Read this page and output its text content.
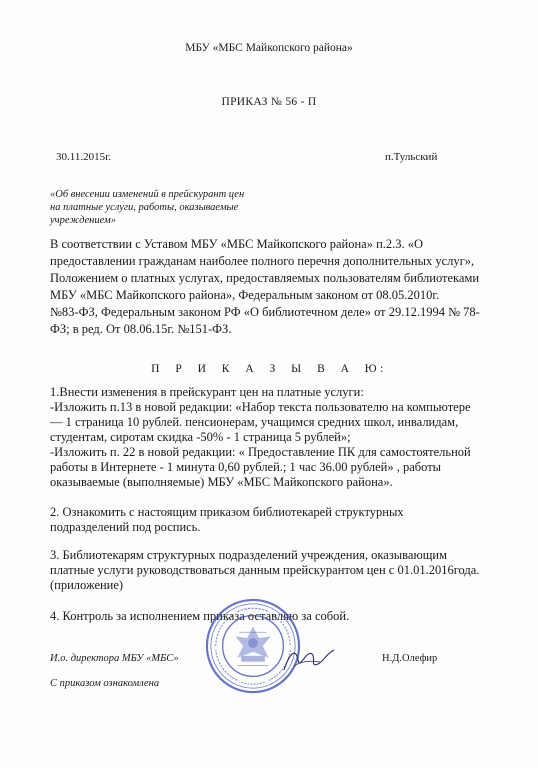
МБУ «МБС Майкопского района»
ПРИКАЗ № 56 - П
30.11.2015г.	п.Тульский
«Об внесении изменений в прейскурант цен
на платные услуги, работы, оказываемые
учреждением»
В соответствии с Уставом МБУ «МБС Майкопского района» п.2.3. «О
предоставлении гражданам наиболее полного перечня дополнительных услуг»,
Положением о платных услугах, предоставляемых пользователям библиотеками
МБУ «МБС Майкопского района», Федеральным законом от 08.05.2010г.
№83-ФЗ, Федеральным законом РФ «О библиотечном деле» от 29.12.1994 № 78-
ФЗ; в ред. От 08.06.15г. №151-ФЗ.
П Р И К А З Ы В А Ю:
1.Внести изменения в прейскурант цен на платные услуги:
-Изложить п.13 в новой редакции: «Набор текста пользователю на компьютере
— 1 страница 10 рублей. пенсионерам, учащимся средних школ, инвалидам,
студентам, сиротам скидка -50% - 1 страница 5 рублей»;
-Изложить п. 22 в новой редакции: « Предоставление ПК для самостоятельной
работы в Интернете - 1 минута 0,60 рублей.; 1 час 36.00 рублей» , работы
оказываемые (выполняемые) МБУ «МБС Майкопского района».
2. Ознакомить с настоящим приказом библиотекарей структурных
подразделений под роспись.
3. Библиотекарям структурных подразделений учреждения, оказывающим
платные услуги руководствоваться данным прейскурантом цен с 01.01.2016года.
(приложение)
4. Контроль за исполнением приказа оставляю за собой.
И.о. директора МБУ «МБС»	Н.Д.Олефир
С приказом ознакомлена
